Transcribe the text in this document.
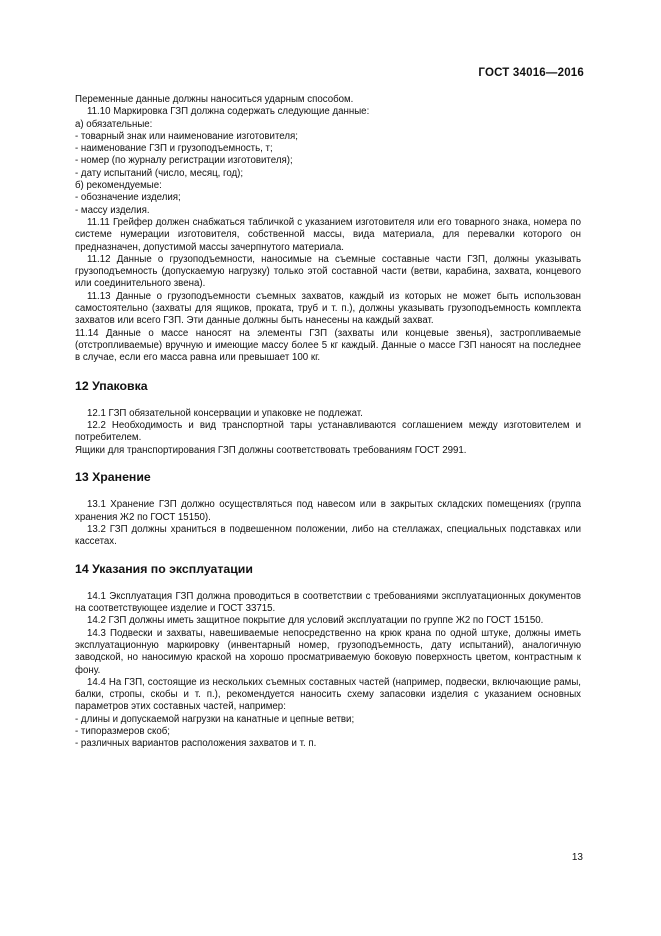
ГОСТ 34016—2016
Переменные данные должны наноситься ударным способом.
11.10 Маркировка ГЗП должна содержать следующие данные:
а) обязательные:
- товарный знак или наименование изготовителя;
- наименование ГЗП и грузоподъемность, т;
- номер (по журналу регистрации изготовителя);
- дату испытаний (число, месяц, год);
б) рекомендуемые:
- обозначение изделия;
- массу изделия.
11.11 Грейфер должен снабжаться табличкой с указанием изготовителя или его товарного знака, номера по системе нумерации изготовителя, собственной массы, вида материала, для перевалки которого он предназначен, допустимой массы зачерпнутого материала.
11.12 Данные о грузоподъемности, наносимые на съемные составные части ГЗП, должны указывать грузоподъемность (допускаемую нагрузку) только этой составной части (ветви, карабина, захвата, концевого или соединительного звена).
11.13 Данные о грузоподъемности съемных захватов, каждый из которых не может быть использован самостоятельно (захваты для ящиков, проката, труб и т. п.), должны указывать грузоподъемность комплекта захватов или всего ГЗП. Эти данные должны быть нанесены на каждый захват.
11.14 Данные о массе наносят на элементы ГЗП (захваты или концевые звенья), застропливаемые (отстропливаемые) вручную и имеющие массу более 5 кг каждый. Данные о массе ГЗП наносят на последнее в случае, если его масса равна или превышает 100 кг.
12 Упаковка
12.1 ГЗП обязательной консервации и упаковке не подлежат.
12.2 Необходимость и вид транспортной тары устанавливаются соглашением между изготовителем и потребителем.
Ящики для транспортирования ГЗП должны соответствовать требованиям ГОСТ 2991.
13 Хранение
13.1 Хранение ГЗП должно осуществляться под навесом или в закрытых складских помещениях (группа хранения Ж2 по ГОСТ 15150).
13.2 ГЗП должны храниться в подвешенном положении, либо на стеллажах, специальных подставках или кассетах.
14 Указания по эксплуатации
14.1 Эксплуатация ГЗП должна проводиться в соответствии с требованиями эксплуатационных документов на соответствующее изделие и ГОСТ 33715.
14.2 ГЗП должны иметь защитное покрытие для условий эксплуатации по группе Ж2 по ГОСТ 15150.
14.3 Подвески и захваты, навешиваемые непосредственно на крюк крана по одной штуке, должны иметь эксплуатационную маркировку (инвентарный номер, грузоподъемность, дату испытаний), аналогичную заводской, но наносимую краской на хорошо просматриваемую боковую поверхность цветом, контрастным к фону.
14.4 На ГЗП, состоящие из нескольких съемных составных частей (например, подвески, включающие рамы, балки, стропы, скобы и т. п.), рекомендуется наносить схему запасовки изделия с указанием основных параметров этих составных частей, например:
- длины и допускаемой нагрузки на канатные и цепные ветви;
- типоразмеров скоб;
- различных вариантов расположения захватов и т. п.
13
